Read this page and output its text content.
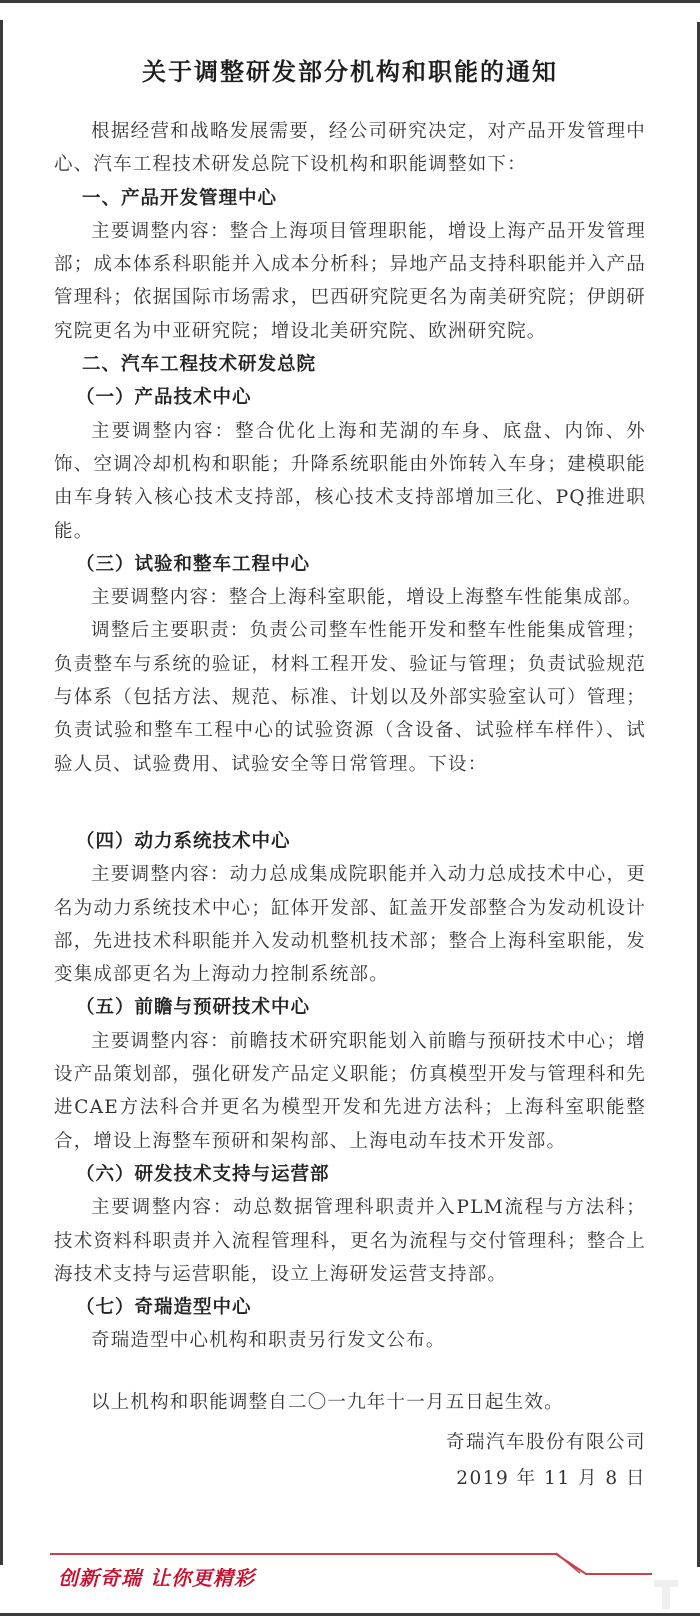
关于调整研发部分机构和职能的通知

根据经营和战略发展需要，经公司研究决定，对产品开发管理中心、汽车工程技术研发总院下设机构和职能调整如下：

一、产品开发管理中心

主要调整内容：整合上海项目管理职能，增设上海产品开发管理部；成本体系科职能并入成本分析科；异地产品支持科职能并入产品管理科；依据国际市场需求，巴西研究院更名为南美研究院；伊朗研究院更名为中亚研究院；增设北美研究院、欧洲研究院。

二、汽车工程技术研发总院

（一）产品技术中心

主要调整内容：整合优化上海和芜湖的车身、底盘、内饰、外饰、空调冷却机构和职能；升降系统职能由外饰转入车身；建模职能由车身转入核心技术支持部，核心技术支持部增加三化、PQ推进职能。

（三）试验和整车工程中心

主要调整内容：整合上海科室职能，增设上海整车性能集成部。

调整后主要职责：负责公司整车性能开发和整车性能集成管理；负责整车与系统的验证，材料工程开发、验证与管理；负责试验规范与体系（包括方法、规范、标准、计划以及外部实验室认可）管理；负责试验和整车工程中心的试验资源（含设备、试验样车样件）、试验人员、试验费用、试验安全等日常管理。下设：

（四）动力系统技术中心

主要调整内容：动力总成集成院职能并入动力总成技术中心，更名为动力系统技术中心；缸体开发部、缸盖开发部整合为发动机设计部，先进技术科职能并入发动机整机技术部；整合上海科室职能，发变集成部更名为上海动力控制系统部。

（五）前瞻与预研技术中心

主要调整内容：前瞻技术研究职能划入前瞻与预研技术中心；增设产品策划部，强化研发产品定义职能；仿真模型开发与管理科和先进CAE方法科合并更名为模型开发和先进方法科；上海科室职能整合，增设上海整车预研和架构部、上海电动车技术开发部。

（六）研发技术支持与运营部

主要调整内容：动总数据管理科职责并入PLM流程与方法科；技术资料科职责并入流程管理科，更名为流程与交付管理科；整合上海技术支持与运营职能，设立上海研发运营支持部。

（七）奇瑞造型中心

奇瑞造型中心机构和职责另行发文公布。

以上机构和职能调整自二〇一九年十一月五日起生效。

奇瑞汽车股份有限公司
2019 年 11 月 8 日
创新奇瑞 让你更精彩
